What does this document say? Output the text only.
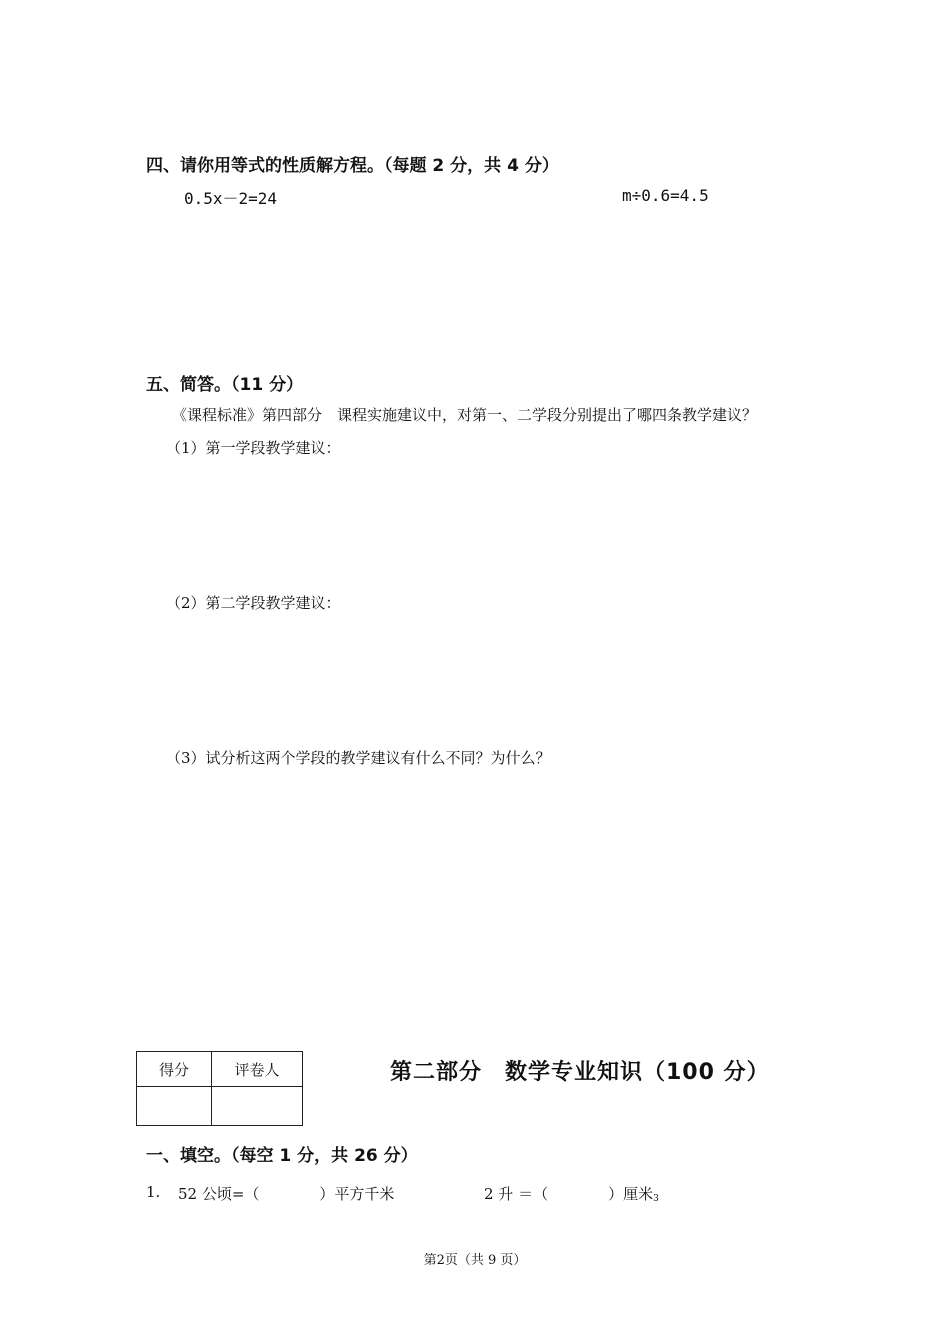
四、请你用等式的性质解方程。（每题 2 分，共 4 分）
0.5x－2=24	m÷0.6=4.5
五、简答。（11 分）
《课程标准》第四部分　课程实施建议中，对第一、二学段分别提出了哪四条教学建议？
（1）第一学段教学建议：
（2）第二学段教学建议：
（3）试分析这两个学段的教学建议有什么不同？为什么？
得分	评卷人
		第二部分　数学专业知识（100 分）
一、填空。（每空 1 分，共 26 分）
1. 52 公顷=（　　　　）平方千米	2 升 ＝（　　　　）厘米3
第2页（共 9 页）
